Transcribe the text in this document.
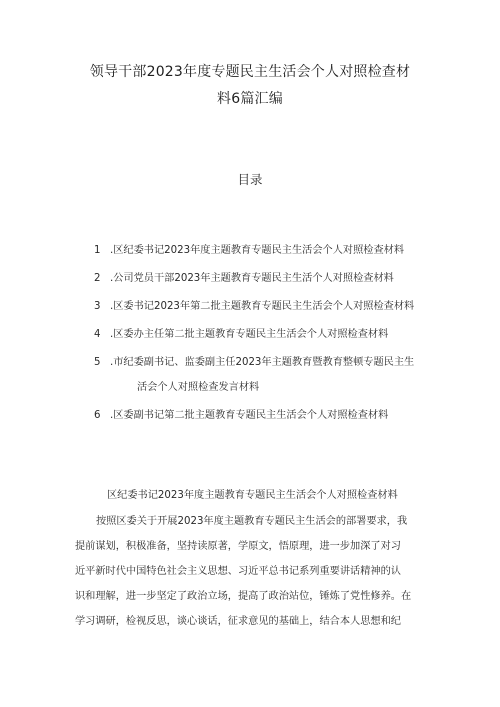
领导干部2023年度专题民主生活会个人对照检查材
料6篇汇编
目录
1 .区纪委书记2023年度主题教育专题民主生活会个人对照检查材料
2 .公司党员干部2023年主题教育专题民主生活个人对照检查材料
3 .区委书记2023年第二批主题教育专题民主生活会个人对照检查材料
4 .区委办主任第二批主题教育专题民主生活会个人对照检查材料
5 .市纪委副书记、监委副主任2023年主题教育暨教育整顿专题民主生
活会个人对照检查发言材料
6 .区委副书记第二批主题教育专题民主生活会个人对照检查材料
区纪委书记2023年度主题教育专题民主生活会个人对照检查材料
按照区委关于开展2023年度主题教育专题民主生活会的部署要求，我
提前谋划，积极准备，坚持读原著，学原文，悟原理，进一步加深了对习
近平新时代中国特色社会主义思想、习近平总书记系列重要讲话精神的认
识和理解，进一步坚定了政治立场，提高了政治站位，锤炼了党性修养。在
学习调研，检视反思，谈心谈话，征求意见的基础上，结合本人思想和纪
